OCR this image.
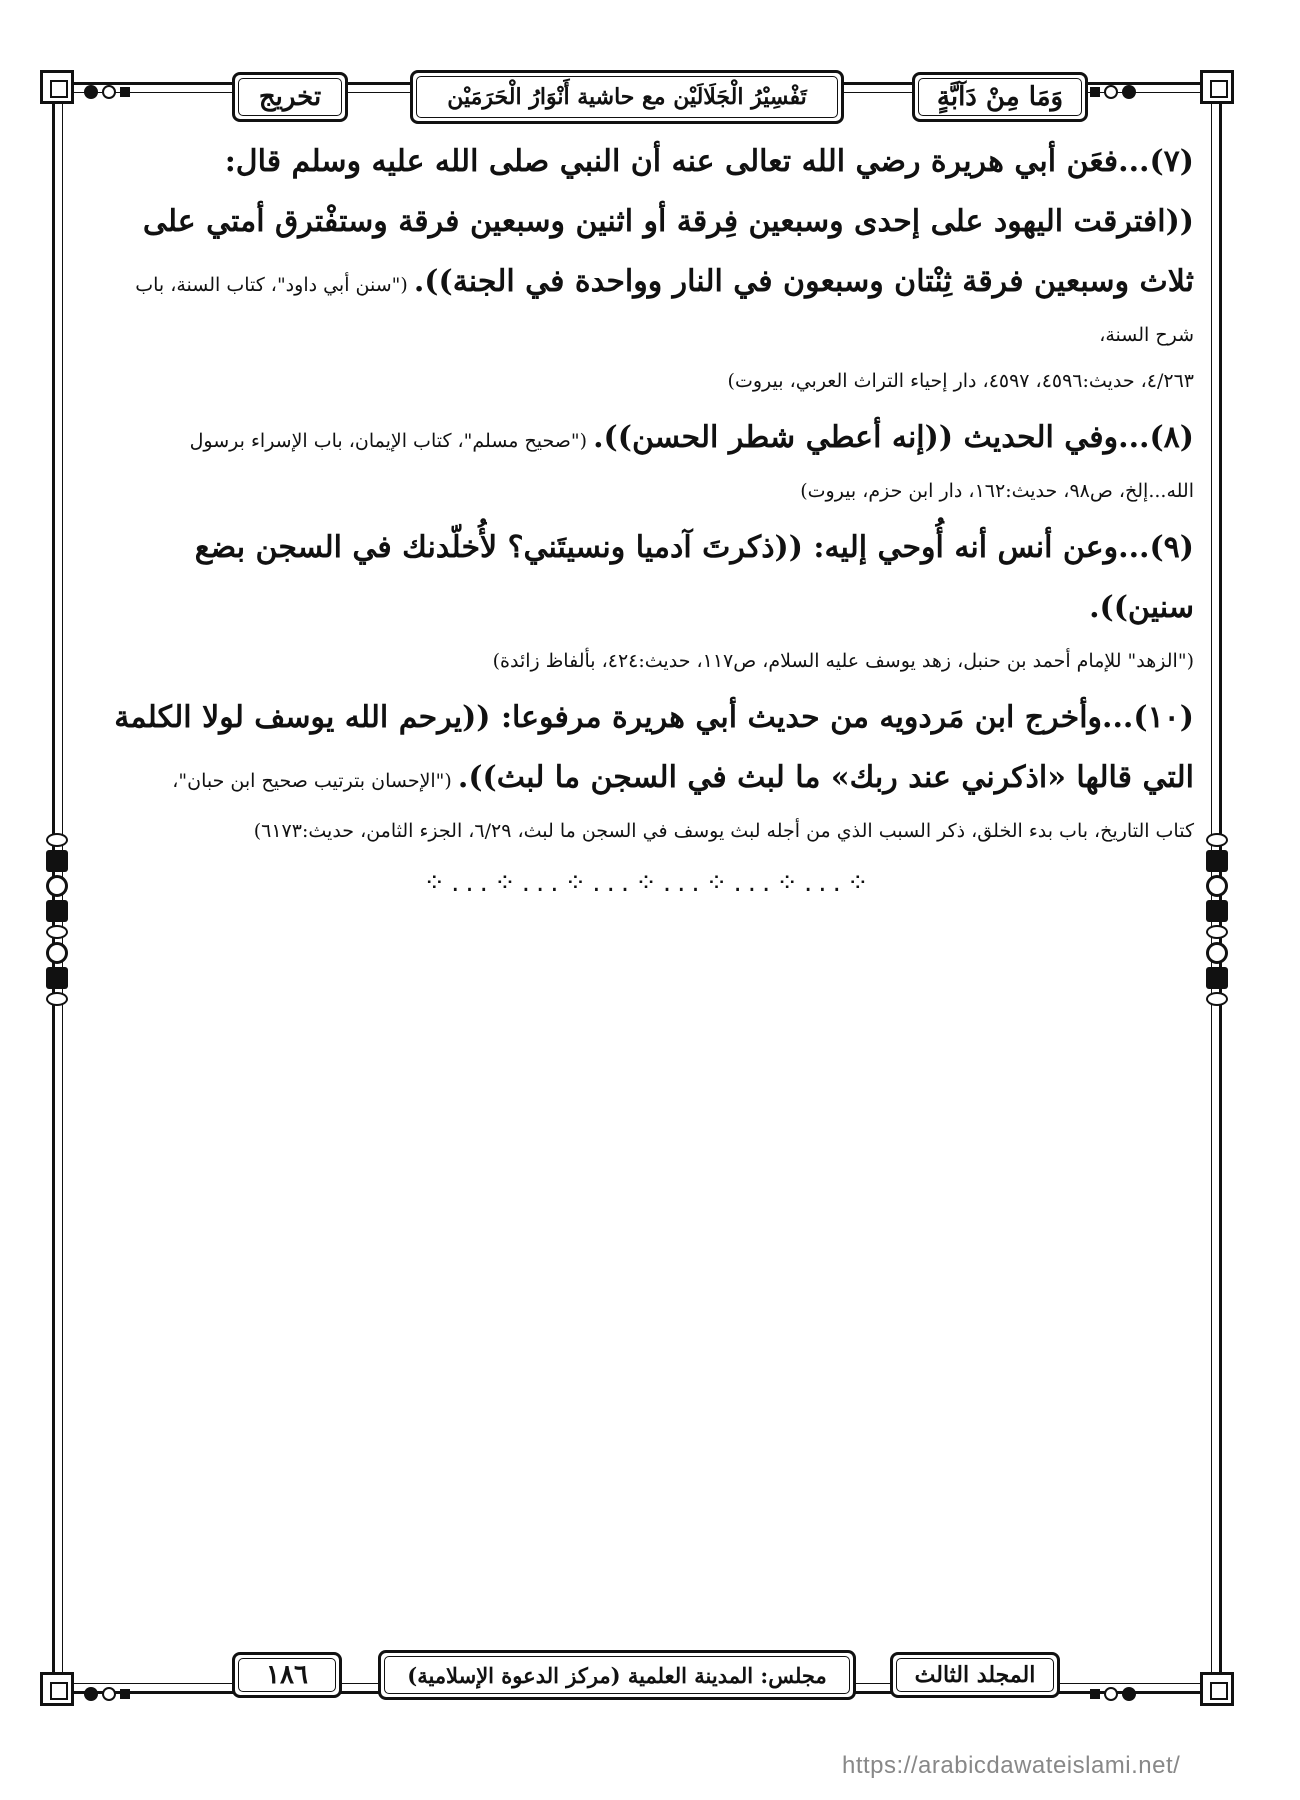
وَمَا مِنْ دَآبَّةٍ
تَفْسِيْرُ الْجَلَالَيْن مع حاشية أَنْوَارُ الْحَرَمَيْن
تخريج

(٧)...فعَن أبي هريرة رضي الله تعالى عنه أن النبي صلى الله عليه وسلم قال: ((افترقت اليهود على إحدى وسبعين فِرقة أو اثنين وسبعين فرقة وستفْترق أمتي على ثلاث وسبعين فرقة ثِنْتان وسبعون في النار وواحدة في الجنة)). ("سنن أبي داود"، كتاب السنة، باب شرح السنة،

٤/٢٦٣، حديث:٤٥٩٦، ٤٥٩٧، دار إحياء التراث العربي، بيروت)

(٨)...وفي الحديث ((إنه أعطي شطر الحسن)). ("صحيح مسلم"، كتاب الإيمان، باب الإسراء برسول

الله...إلخ، ص٩٨، حديث:١٦٢، دار ابن حزم، بيروت)

(٩)...وعن أنس أنه أُوحي إليه: ((ذكرتَ آدميا ونسيتَني؟ لأُخلّدنك في السجن بضع سنين)).

("الزهد" للإمام أحمد بن حنبل، زهد يوسف عليه السلام، ص١١٧، حديث:٤٢٤، بألفاظ زائدة)

(١٠)...وأخرج ابن مَردويه من حديث أبي هريرة مرفوعا: ((يرحم الله يوسف لولا الكلمة التي قالها «اذكرني عند ربك» ما لبث في السجن ما لبث)). ("الإحسان بترتيب صحيح ابن حبان"،

كتاب التاريخ، باب بدء الخلق، ذكر السبب الذي من أجله لبث يوسف في السجن ما لبث، ٦/٢٩، الجزء الثامن، حديث:٦١٧٣)

⁘...⁘...⁘...⁘...⁘...⁘...⁘
المجلد الثالث
مجلس: المدينة العلمية (مركز الدعوة الإسلامية)
١٨٦
https://arabicdawateislami.net/
